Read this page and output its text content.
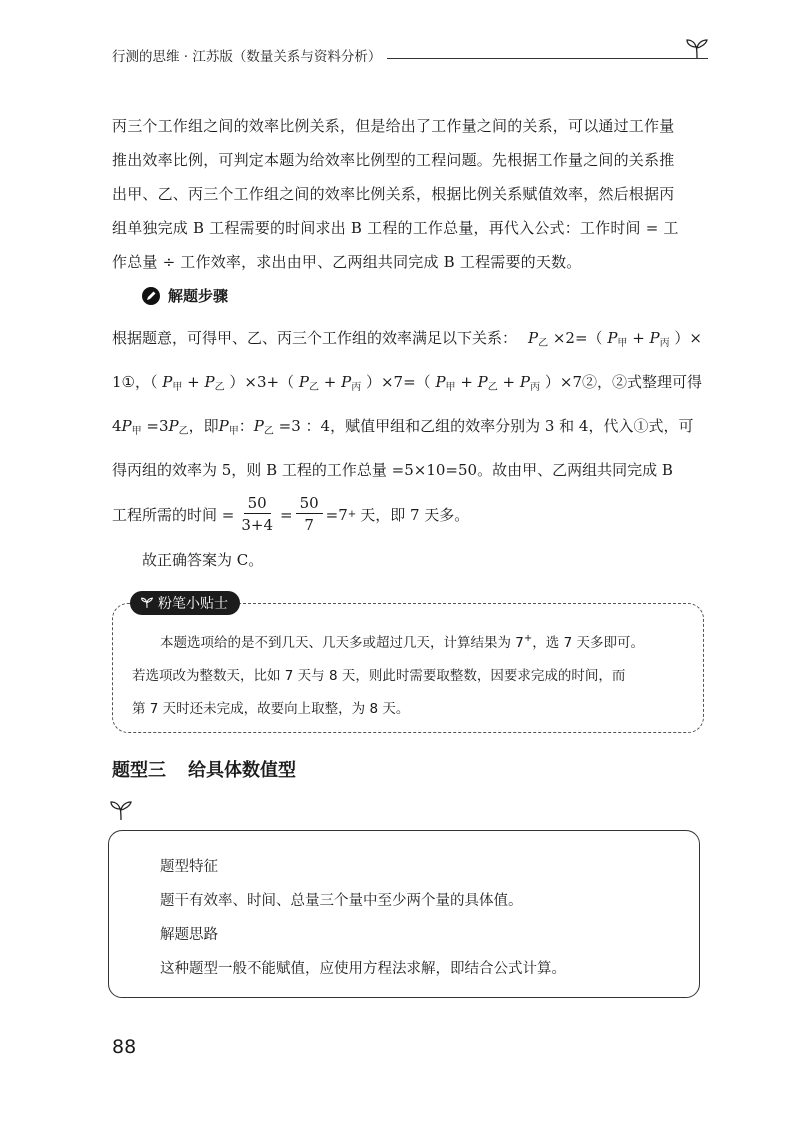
行测的思维 · 江苏版（数量关系与资料分析）

丙三个工作组之间的效率比例关系，但是给出了工作量之间的关系，可以通过工作量

推出效率比例，可判定本题为给效率比例型的工程问题。先根据工作量之间的关系推

出甲、乙、丙三个工作组之间的效率比例关系，根据比例关系赋值效率，然后根据丙

组单独完成 B 工程需要的时间求出 B 工程的工作总量，再代入公式：工作时间 = 工

作总量 ÷ 工作效率，求出由甲、乙两组共同完成 B 工程需要的天数。

解题步骤
根据题意，可得甲、乙、丙三个工作组的效率满足以下关系： $P_乙 \times 2=$（ $P_甲 + P_丙$ ）×
1①，（ $P_甲 + P_乙$ ）×3+（ $P_乙 + P_丙$ ）×7=（ $P_甲 + P_乙 + P_丙$ ）×7②，②式整理可得
$4P_甲 =3P_乙$，即$P_甲$：$P_乙 =3$ ：4，赋值甲组和乙组的效率分别为 3 和 4，代入①式，可
得丙组的效率为 5，则 B 工程的工作总量 =5×10=50。故由甲、乙两组共同完成 B
工程所需的时间 = $\frac{50}{3+4} = \frac{50}{7} =7$ + 天，即 7 天多。
故正确答案为 C。
粉笔小贴士

本题选项给的是不到几天、几天多或超过几天，计算结果为 7+，选 7 天多即可。

若选项改为整数天，比如 7 天与 8 天，则此时需要取整数，因要求完成的时间，而

第 7 天时还未完成，故要向上取整，为 8 天。

题型三 给具体数值型

题型特征

题干有效率、时间、总量三个量中至少两个量的具体值。

解题思路

这种题型一般不能赋值，应使用方程法求解，即结合公式计算。

88
